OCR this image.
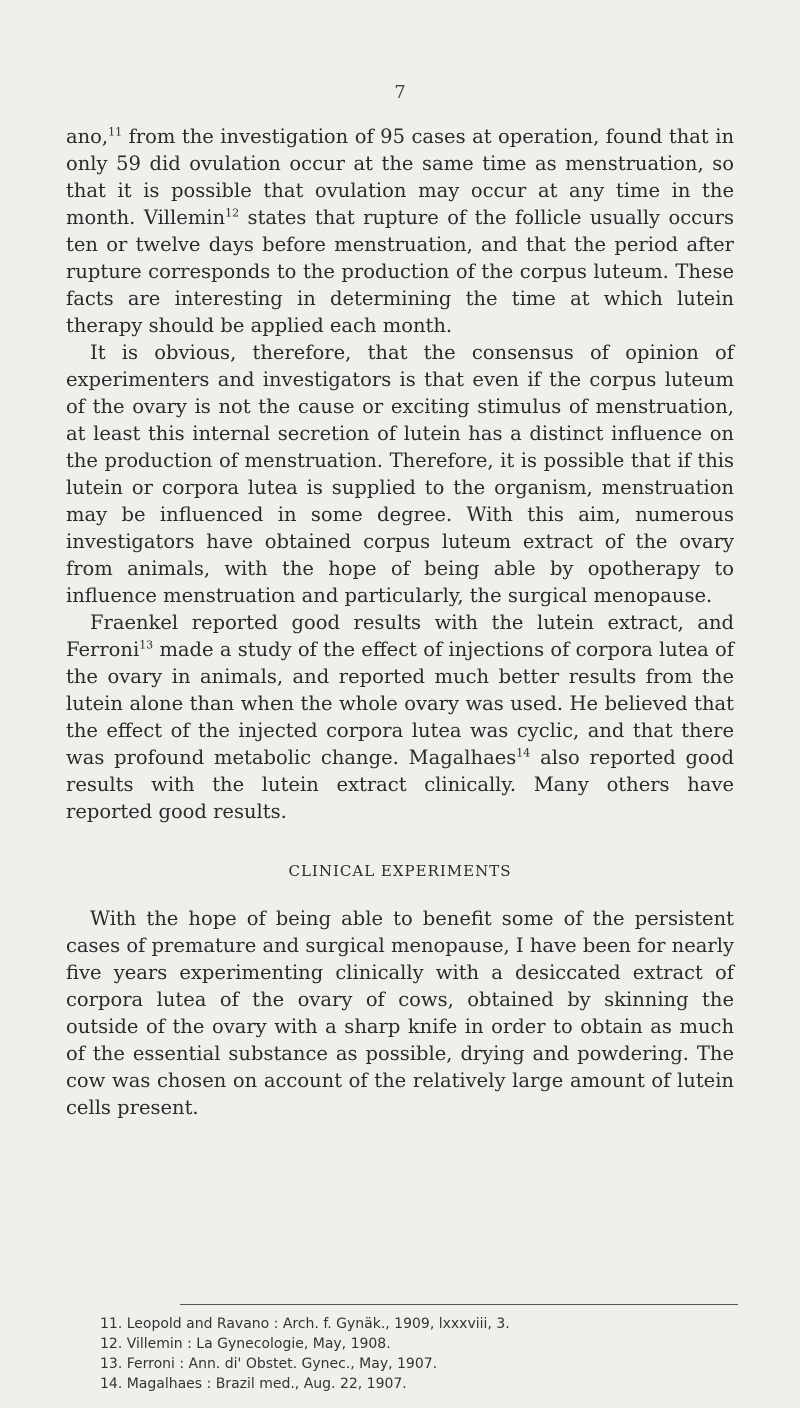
7

ano,$^{11}$ from the investigation of 95 cases at operation, found that in only 59 did ovulation occur at the same time as menstruation, so that it is possible that ovulation may occur at any time in the month. Villemin$^{12}$ states that rupture of the follicle usually occurs ten or twelve days before menstruation, and that the period after rupture corresponds to the production of the corpus luteum. These facts are interesting in determining the time at which lutein therapy should be applied each month.

It is obvious, therefore, that the consensus of opinion of experimenters and investigators is that even if the corpus luteum of the ovary is not the cause or exciting stimulus of menstruation, at least this internal secretion of lutein has a distinct influence on the production of menstruation. Therefore, it is possible that if this lutein or corpora lutea is supplied to the organism, menstruation may be influenced in some degree. With this aim, numerous investigators have obtained corpus luteum extract of the ovary from animals, with the hope of being able by opotherapy to influence menstruation and particularly, the surgical menopause.

Fraenkel reported good results with the lutein extract, and Ferroni$^{13}$ made a study of the effect of injections of corpora lutea of the ovary in animals, and reported much better results from the lutein alone than when the whole ovary was used. He believed that the effect of the injected corpora lutea was cyclic, and that there was profound metabolic change. Magalhaes$^{14}$ also reported good results with the lutein extract clinically. Many others have reported good results.

CLINICAL EXPERIMENTS

With the hope of being able to benefit some of the persistent cases of premature and surgical menopause, I have been for nearly five years experimenting clinically with a desiccated extract of corpora lutea of the ovary of cows, obtained by skinning the outside of the ovary with a sharp knife in order to obtain as much of the essential substance as possible, drying and powdering. The cow was chosen on account of the relatively large amount of lutein cells present.

11. Leopold and Ravano : Arch. f. Gynäk., 1909, lxxxviii, 3.

12. Villemin : La Gynecologie, May, 1908.

13. Ferroni : Ann. di' Obstet. Gynec., May, 1907.

14. Magalhaes : Brazil med., Aug. 22, 1907.
